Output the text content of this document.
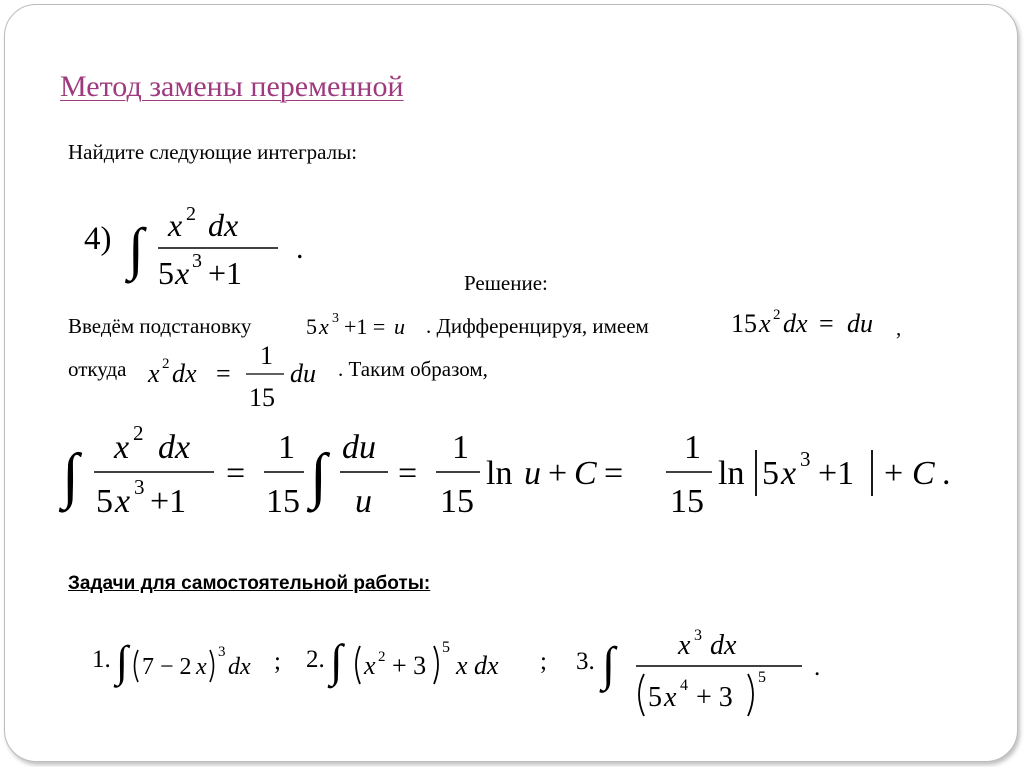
Метод замены переменной
Найдите следующие интегралы:
4) ∫ x 2 dx
5 x 3 +1
.
Решение:
Введём подстановку 5 x 3 +1 = u . Дифференцируя, имеем	15 x 2 dx = du ,
откуда x 2 dx =
1
15
du . Таким образом,
∫ x 2 dx
5 x 3 +1
=
1
15 ∫ du
u
=
1
15
ln u + C =
1
15
ln 5 x 3 +1 + C .
Задачи для самостоятельной работы:
1. ∫ 7 − 2 x
3
dx ; 2. ∫ x 2 + 3
5
x dx ; 3. ∫ x 3 dx
5 x 4 + 3
5 .
